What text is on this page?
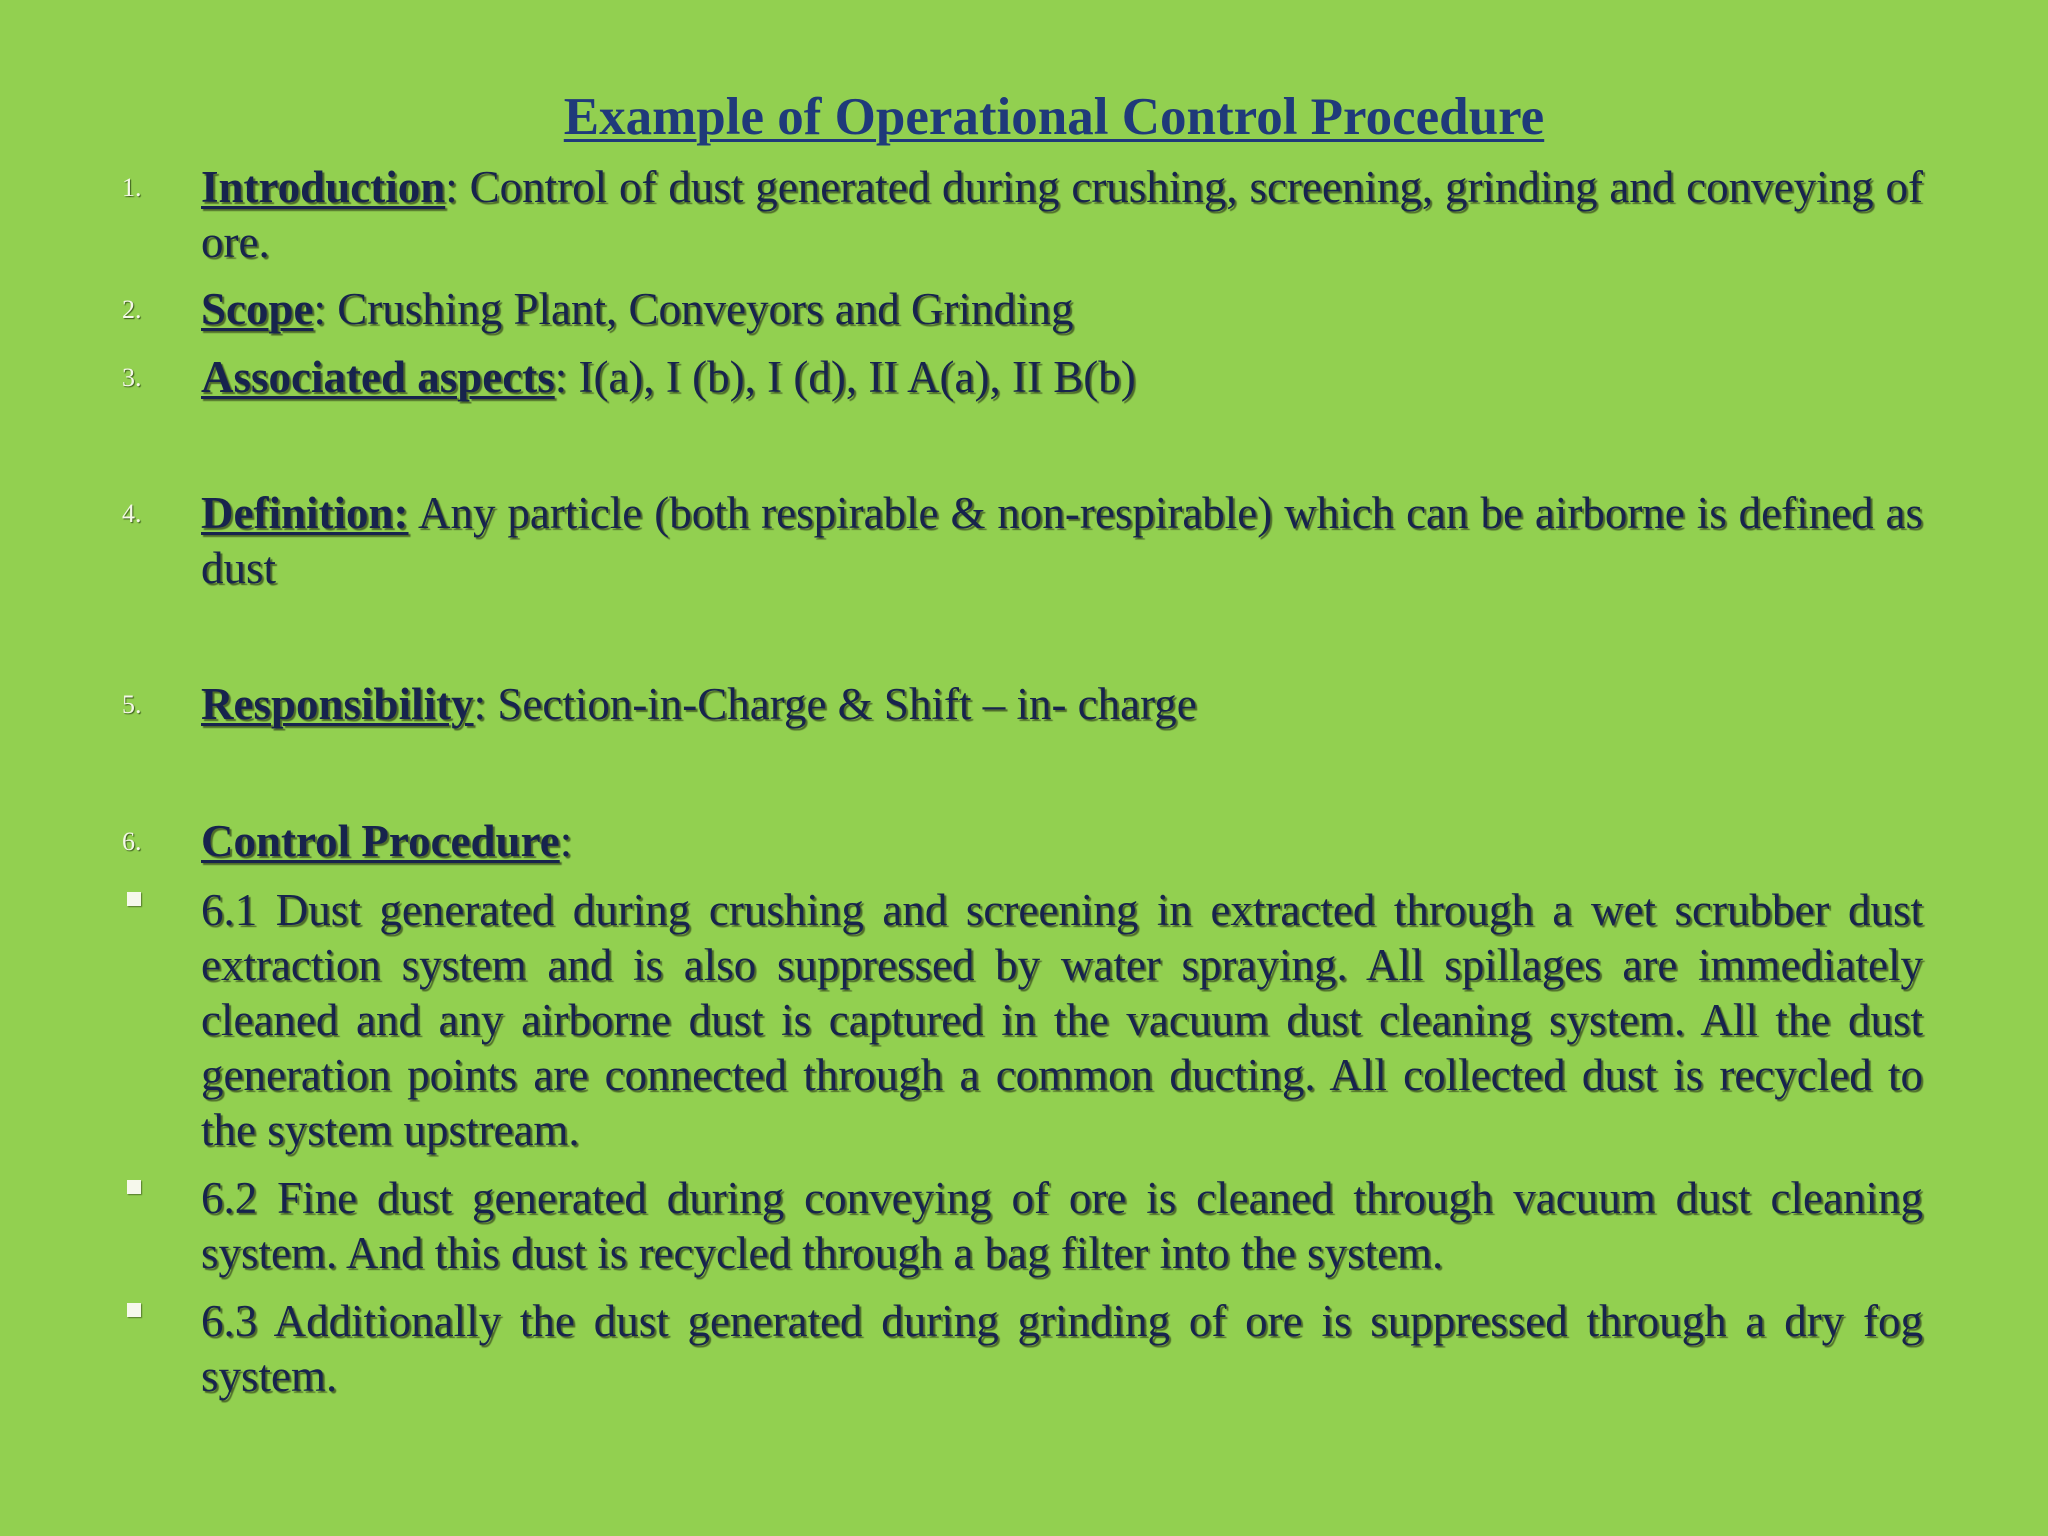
Example of Operational Control Procedure
1. Introduction: Control of dust generated during crushing, screening, grinding and conveying of ore.

2. Scope: Crushing Plant, Conveyors and Grinding

3. Associated aspects: I(a), I (b), I (d), II A(a), II B(b)

4. Definition: Any particle (both respirable & non-respirable) which can be airborne is defined as dust

5. Responsibility: Section-in-Charge & Shift – in- charge

6. Control Procedure:

6.1 Dust generated during crushing and screening in extracted through a wet scrubber dust extraction system and is also suppressed by water spraying. All spillages are immediately cleaned and any airborne dust is captured in the vacuum dust cleaning system. All the dust generation points are connected through a common ducting. All collected dust is recycled to the system upstream.

6.2 Fine dust generated during conveying of ore is cleaned through vacuum dust cleaning system. And this dust is recycled through a bag filter into the system.

6.3 Additionally the dust generated during grinding of ore is suppressed through a dry fog system.
